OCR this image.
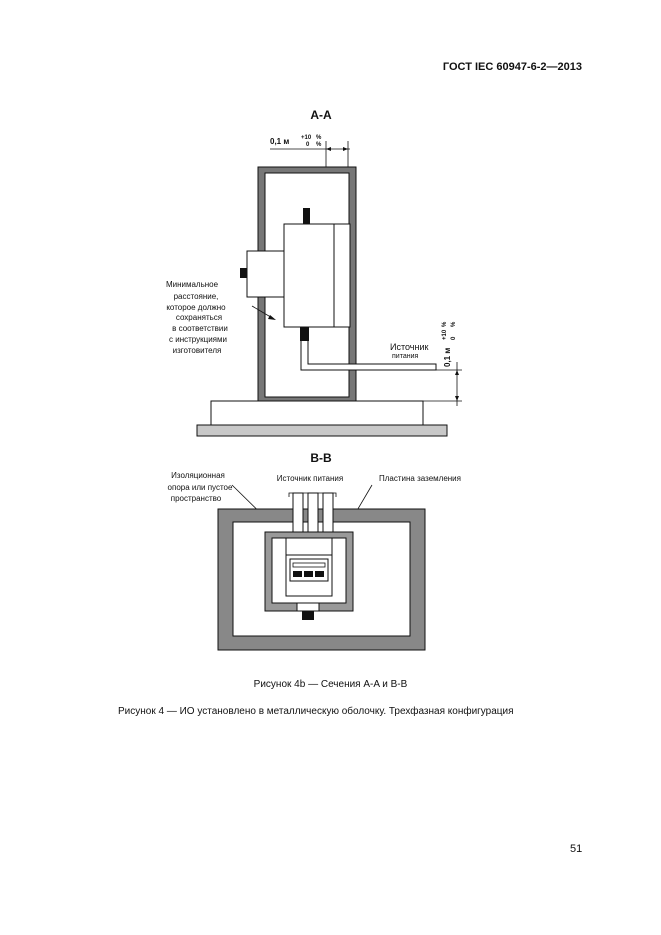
ГОСТ IEC 60947-6-2—2013
A-A
0,1 м +10
0
%
%
0,1 м
+10 0
% %
Источник
питания
Минимальное
расстояние,
которое должно
сохраняться
в соответствии
с инструкциями
изготовителя
B-B
Изоляционная
опора или пустое
пространство
Источник питания	Пластина заземления
Рисунок 4b — Сечения A-A и B-B
Рисунок 4 — ИО установлено в металлическую оболочку. Трехфазная конфигурация
51
